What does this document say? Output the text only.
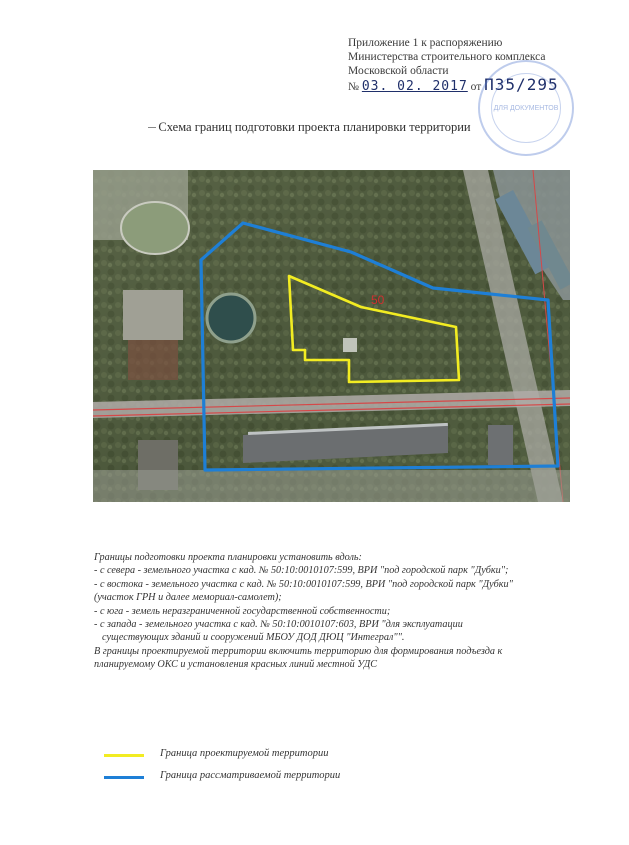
Приложение 1 к распоряжению
Министерства строительного комплекса
Московской области
№ 03. 02. 2017 от П35/295
ДЛЯ ДОКУМЕНТОВ
Схема границ подготовки проекта планировки территории
50

Границы подготовки проекта планировки установить вдоль:

- с севера - земельного участка с кад. № 50:10:0010107:599, ВРИ "под городской парк "Дубки";

- с востока - земельного участка с кад. № 50:10:0010107:599, ВРИ "под городской парк "Дубки"

(участок ГРН и далее мемориал-самолет);

- с юга - земель неразграниченной государственной собственности;

- с запада - земельного участка с кад. № 50:10:0010107:603, ВРИ "для эксплуатации

существующих зданий и сооружений МБОУ ДОД ДЮЦ "Интеграл"".

В границы проектируемой территории включить территорию для формирования подъезда к

планируемому ОКС и установления красных линий местной УДС

Граница проектируемой территории
Граница рассматриваемой территории
